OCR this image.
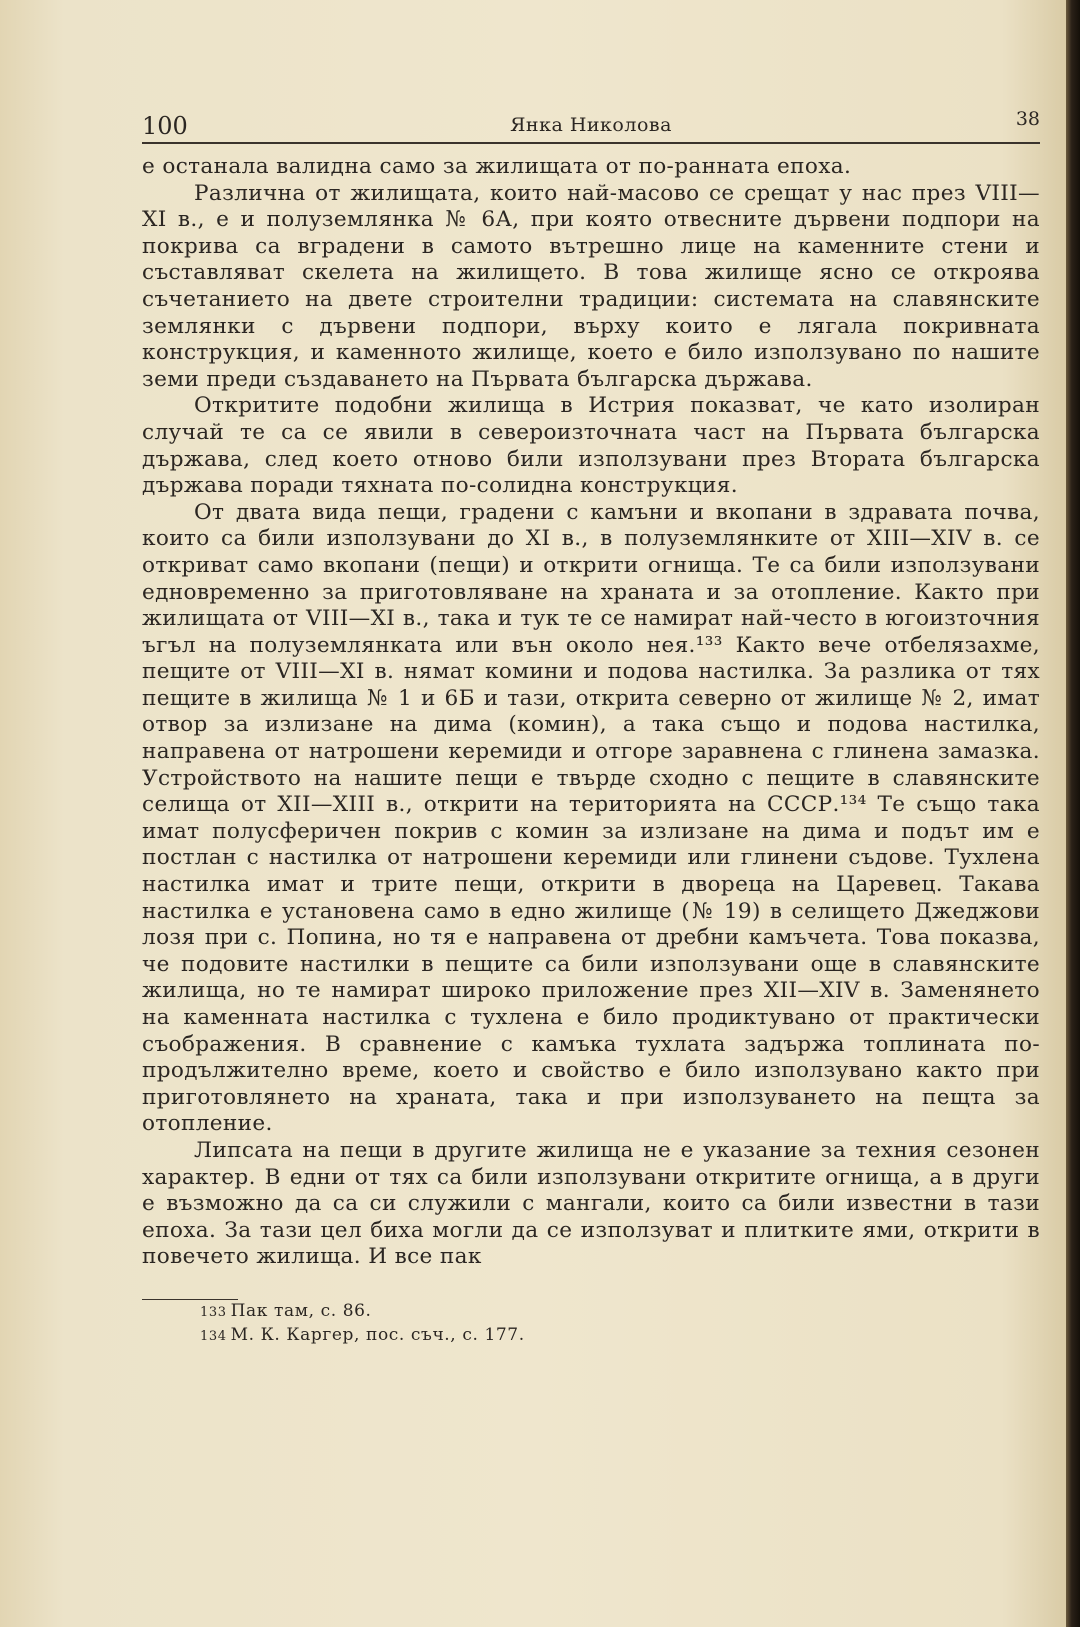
100	Янка Николова	38

е останала валидна само за жилищата от по-ранната епоха.

Различна от жилищата, които най-масово се срещат у нас през VIII—XI в., е и полуземлянка № 6А, при която отвесните дървени подпори на покрива са вградени в самото вътрешно лице на каменните стени и съставляват скелета на жилището. В това жилище ясно се откроява съчетанието на двете строителни традиции: системата на славянските землянки с дървени подпори, върху които е лягала покривната конструкция, и каменното жилище, което е било използувано по нашите земи преди създаването на Първата българска държава.

Откритите подобни жилища в Истрия показват, че като изолиран случай те са се явили в североизточната част на Първата българска държава, след което отново били използувани през Втората българска държава поради тяхната по-солидна конструкция.

От двата вида пещи, градени с камъни и вкопани в здравата почва, които са били използувани до XI в., в полуземлянките от XIII—XIV в. се откриват само вкопани (пещи) и открити огнища. Те са били използувани едновременно за приготовляване на храната и за отопление. Както при жилищата от VIII—XI в., така и тук те се намират най-често в югоизточния ъгъл на полуземлянката или вън около нея.¹³³ Както вече отбелязахме, пещите от VIII—XI в. нямат комини и подова настилка. За разлика от тях пещите в жилища № 1 и 6Б и тази, открита северно от жилище № 2, имат отвор за излизане на дима (комин), а така също и подова настилка, направена от натрошени керемиди и отгоре заравнена с глинена замазка. Устройството на нашите пещи е твърде сходно с пещите в славянските селища от XII—XIII в., открити на територията на СССР.¹³⁴ Те също така имат полусферичен покрив с комин за излизане на дима и подът им е постлан с настилка от натрошени керемиди или глинени съдове. Тухлена настилка имат и трите пещи, открити в двореца на Царевец. Такава настилка е установена само в едно жилище (№ 19) в селището Джеджови лозя при с. Попина, но тя е направена от дребни камъчета. Това показва, че подовите настилки в пещите са били използувани още в славянските жилища, но те намират широко приложение през XII—XIV в. Заменянето на каменната настилка с тухлена е било продиктувано от практически съображения. В сравнение с камъка тухлата задържа топлината по-продължително време, което и свойство е било използувано както при приготовлянето на храната, така и при използуването на пещта за отопление.

Липсата на пещи в другите жилища не е указание за техния сезонен характер. В едни от тях са били използувани откритите огнища, а в други е възможно да са си служили с мангали, които са били известни в тази епоха. За тази цел биха могли да се използуват и плитките ями, открити в повечето жилища. И все пак

133 Пак там, с. 86.
134 М. К. Каргер, пос. съч., с. 177.
